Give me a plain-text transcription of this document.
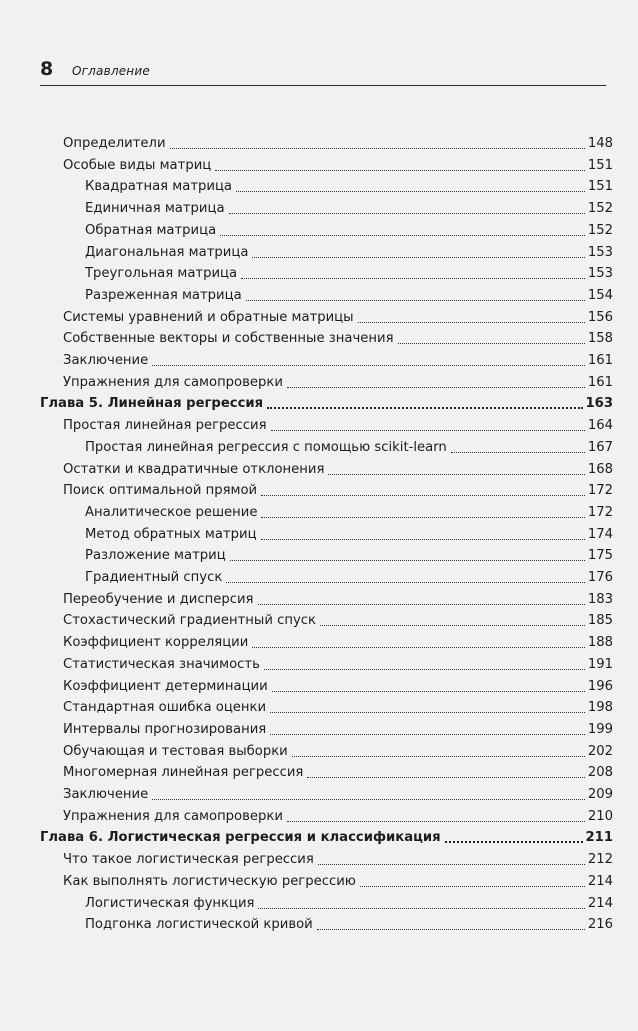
8 Оглавление
Определители	148
Особые виды матриц	151
Квадратная матрица	151
Единичная матрица	152
Обратная матрица	152
Диагональная матрица	153
Треугольная матрица	153
Разреженная матрица	154
Системы уравнений и обратные матрицы	156
Собственные векторы и собственные значения	158
Заключение	161
Упражнения для самопроверки	161
Глава 5. Линейная регрессия	163
Простая линейная регрессия	164
Простая линейная регрессия с помощью scikit-learn	167
Остатки и квадратичные отклонения	168
Поиск оптимальной прямой	172
Аналитическое решение	172
Метод обратных матриц	174
Разложение матриц	175
Градиентный спуск	176
Переобучение и дисперсия	183
Стохастический градиентный спуск	185
Коэффициент корреляции	188
Статистическая значимость	191
Коэффициент детерминации	196
Стандартная ошибка оценки	198
Интервалы прогнозирования	199
Обучающая и тестовая выборки	202
Многомерная линейная регрессия	208
Заключение	209
Упражнения для самопроверки	210
Глава 6. Логистическая регрессия и классификация	211
Что такое логистическая регрессия	212
Как выполнять логистическую регрессию	214
Логистическая функция	214
Подгонка логистической кривой	216
